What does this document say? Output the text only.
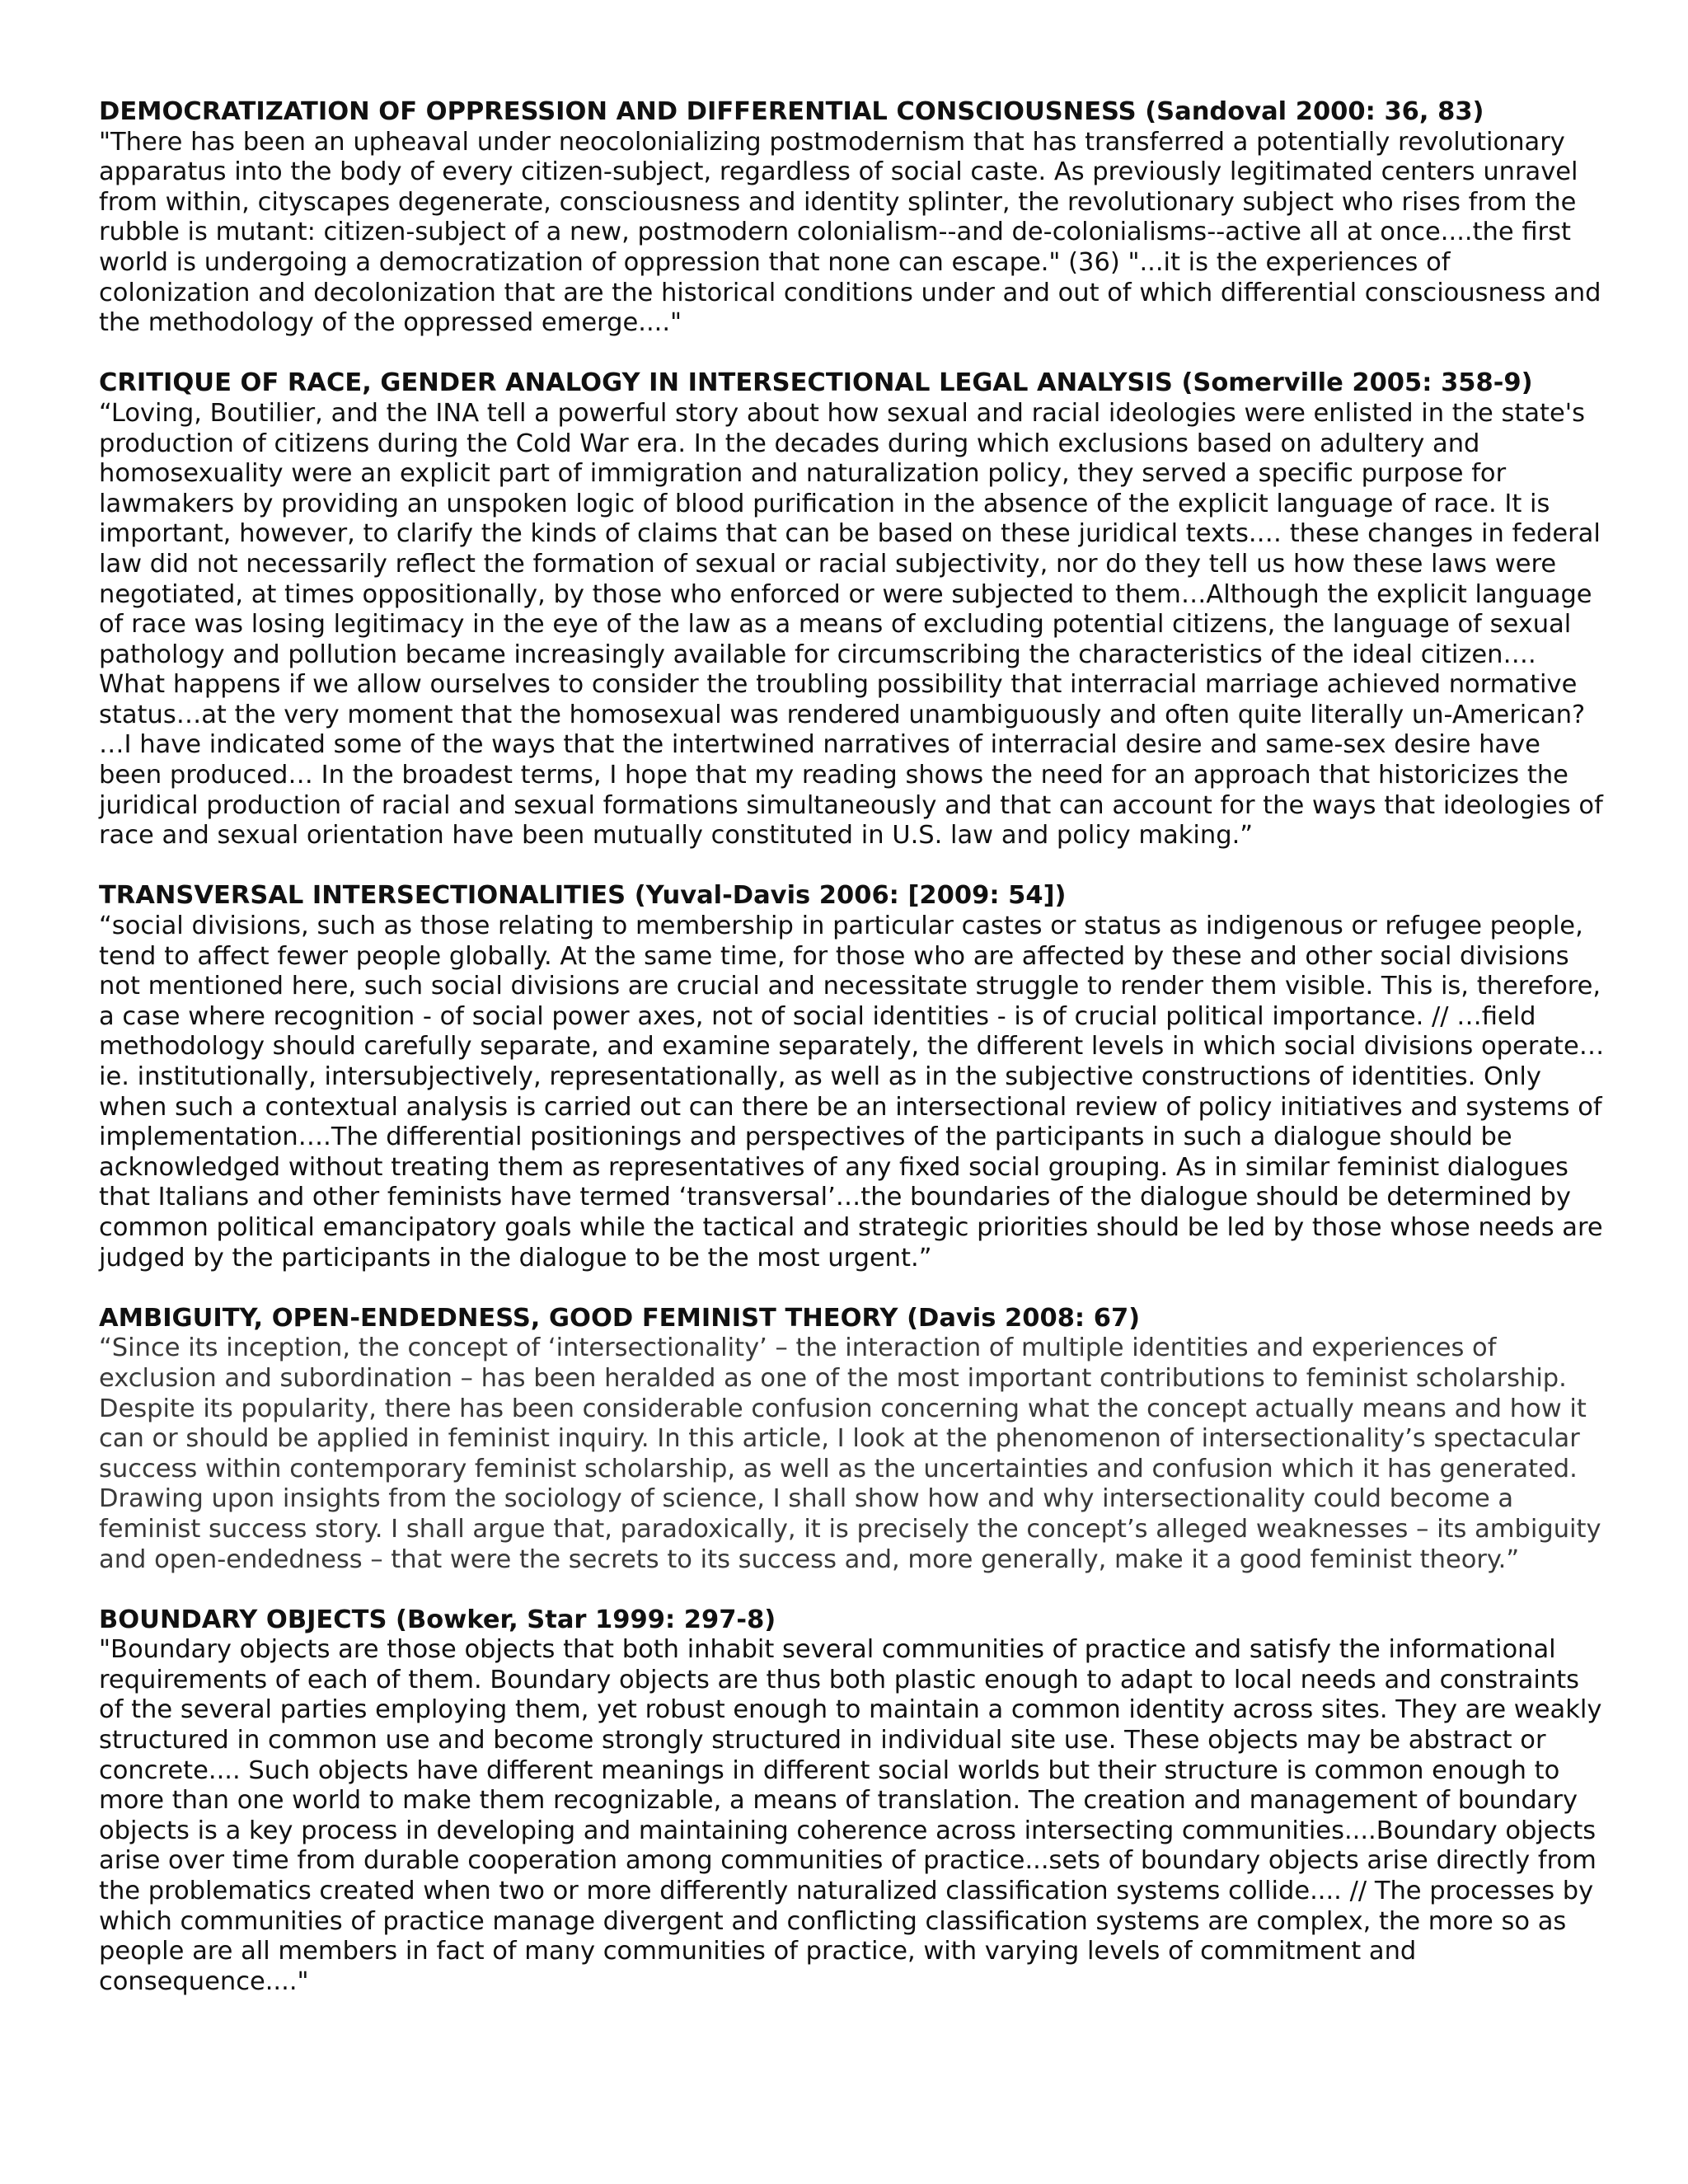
DEMOCRATIZATION OF OPPRESSION AND DIFFERENTIAL CONSCIOUSNESS (Sandoval 2000: 36, 83)
"There has been an upheaval under neocolonializing postmodernism that has transferred a potentially revolutionary apparatus into the body of every citizen-subject, regardless of social caste. As previously legitimated centers unravel from within, cityscapes degenerate, consciousness and identity splinter, the revolutionary subject who rises from the rubble is mutant: citizen-subject of a new, postmodern colonialism--and de-colonialisms--active all at once....the first world is undergoing a democratization of oppression that none can escape." (36) "...it is the experiences of colonization and decolonization that are the historical conditions under and out of which differential consciousness and the methodology of the oppressed emerge...."
CRITIQUE OF RACE, GENDER ANALOGY IN INTERSECTIONAL LEGAL ANALYSIS (Somerville 2005: 358-9)
“Loving, Boutilier, and the INA tell a powerful story about how sexual and racial ideologies were enlisted in the state's production of citizens during the Cold War era. In the decades during which exclusions based on adultery and homosexuality were an explicit part of immigration and naturalization policy, they served a specific purpose for lawmakers by providing an unspoken logic of blood purification in the absence of the explicit language of race. It is important, however, to clarify the kinds of claims that can be based on these juridical texts.… these changes in federal law did not necessarily reflect the formation of sexual or racial subjectivity, nor do they tell us how these laws were negotiated, at times oppositionally, by those who enforced or were subjected to them…Although the explicit language of race was losing legitimacy in the eye of the law as a means of excluding potential citizens, the language of sexual pathology and pollution became increasingly available for circumscribing the characteristics of the ideal citizen…. What happens if we allow ourselves to consider the troubling possibility that interracial marriage achieved normative status…at the very moment that the homosexual was rendered unambiguously and often quite literally un-American? …I have indicated some of the ways that the intertwined narratives of interracial desire and same-sex desire have been produced… In the broadest terms, I hope that my reading shows the need for an approach that historicizes the juridical production of racial and sexual formations simultaneously and that can account for the ways that ideologies of race and sexual orientation have been mutually constituted in U.S. law and policy making.”
TRANSVERSAL INTERSECTIONALITIES (Yuval-Davis 2006: [2009: 54])
“social divisions, such as those relating to membership in particular castes or status as indigenous or refugee people, tend to affect fewer people globally. At the same time, for those who are affected by these and other social divisions not mentioned here, such social divisions are crucial and necessitate struggle to render them visible. This is, therefore, a case where recognition - of social power axes, not of social identities - is of crucial political importance. // …field methodology should carefully separate, and examine separately, the different levels in which social divisions operate…ie. institutionally, intersubjectively, representationally, as well as in the subjective constructions of identities. Only when such a contextual analysis is carried out can there be an intersectional review of policy initiatives and systems of implementation….The differential positionings and perspectives of the participants in such a dialogue should be acknowledged without treating them as representatives of any fixed social grouping. As in similar feminist dialogues that Italians and other feminists have termed ‘transversal’…the boundaries of the dialogue should be determined by common political emancipatory goals while the tactical and strategic priorities should be led by those whose needs are judged by the participants in the dialogue to be the most urgent.”
AMBIGUITY, OPEN-ENDEDNESS, GOOD FEMINIST THEORY (Davis 2008: 67)
“Since its inception, the concept of ‘intersectionality’ – the interaction of multiple identities and experiences of exclusion and subordination – has been heralded as one of the most important contributions to feminist scholarship. Despite its popularity, there has been considerable confusion concerning what the concept actually means and how it can or should be applied in feminist inquiry. In this article, I look at the phenomenon of intersectionality’s spectacular success within contemporary feminist scholarship, as well as the uncertainties and confusion which it has generated. Drawing upon insights from the sociology of science, I shall show how and why intersectionality could become a feminist success story. I shall argue that, paradoxically, it is precisely the concept’s alleged weaknesses – its ambiguity and open-endedness – that were the secrets to its success and, more generally, make it a good feminist theory.”
BOUNDARY OBJECTS (Bowker, Star 1999: 297-8)
"Boundary objects are those objects that both inhabit several communities of practice and satisfy the informational requirements of each of them. Boundary objects are thus both plastic enough to adapt to local needs and constraints of the several parties employing them, yet robust enough to maintain a common identity across sites. They are weakly structured in common use and become strongly structured in individual site use. These objects may be abstract or concrete.... Such objects have different meanings in different social worlds but their structure is common enough to more than one world to make them recognizable, a means of translation. The creation and management of boundary objects is a key process in developing and maintaining coherence across intersecting communities....Boundary objects arise over time from durable cooperation among communities of practice...sets of boundary objects arise directly from the problematics created when two or more differently naturalized classification systems collide.... // The processes by which communities of practice manage divergent and conflicting classification systems are complex, the more so as people are all members in fact of many communities of practice, with varying levels of commitment and consequence...."
